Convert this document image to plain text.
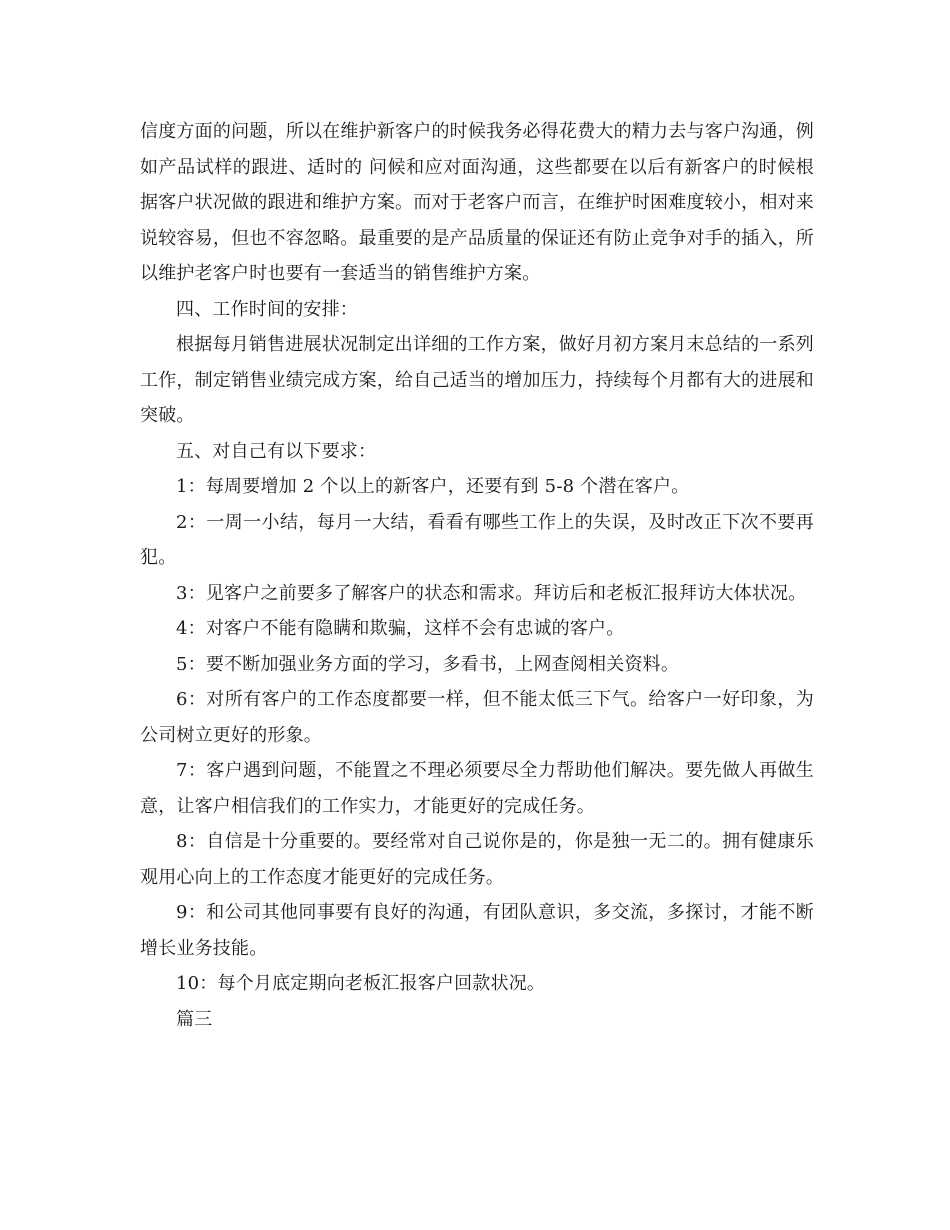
信度方面的问题，所以在维护新客户的时候我务必得花费大的精力去与客户沟通，例如产品试样的跟进、适时的 问候和应对面沟通，这些都要在以后有新客户的时候根据客户状况做的跟进和维护方案。而对于老客户而言，在维护时困难度较小，相对来说较容易，但也不容忽略。最重要的是产品质量的保证还有防止竞争对手的插入，所以维护老客户时也要有一套适当的销售维护方案。

四、工作时间的安排：

根据每月销售进展状况制定出详细的工作方案，做好月初方案月末总结的一系列工作，制定销售业绩完成方案，给自己适当的增加压力，持续每个月都有大的进展和突破。

五、对自己有以下要求：

1：每周要增加 2 个以上的新客户，还要有到 5-8 个潜在客户。

2：一周一小结，每月一大结，看看有哪些工作上的失误，及时改正下次不要再犯。

3：见客户之前要多了解客户的状态和需求。拜访后和老板汇报拜访大体状况。

4：对客户不能有隐瞒和欺骗，这样不会有忠诚的客户。

5：要不断加强业务方面的学习，多看书，上网查阅相关资料。

6：对所有客户的工作态度都要一样，但不能太低三下气。给客户一好印象，为公司树立更好的形象。

7：客户遇到问题，不能置之不理必须要尽全力帮助他们解决。要先做人再做生意，让客户相信我们的工作实力，才能更好的完成任务。

8：自信是十分重要的。要经常对自己说你是的，你是独一无二的。拥有健康乐观用心向上的工作态度才能更好的完成任务。

9：和公司其他同事要有良好的沟通，有团队意识，多交流，多探讨，才能不断增长业务技能。

10：每个月底定期向老板汇报客户回款状况。

篇三
